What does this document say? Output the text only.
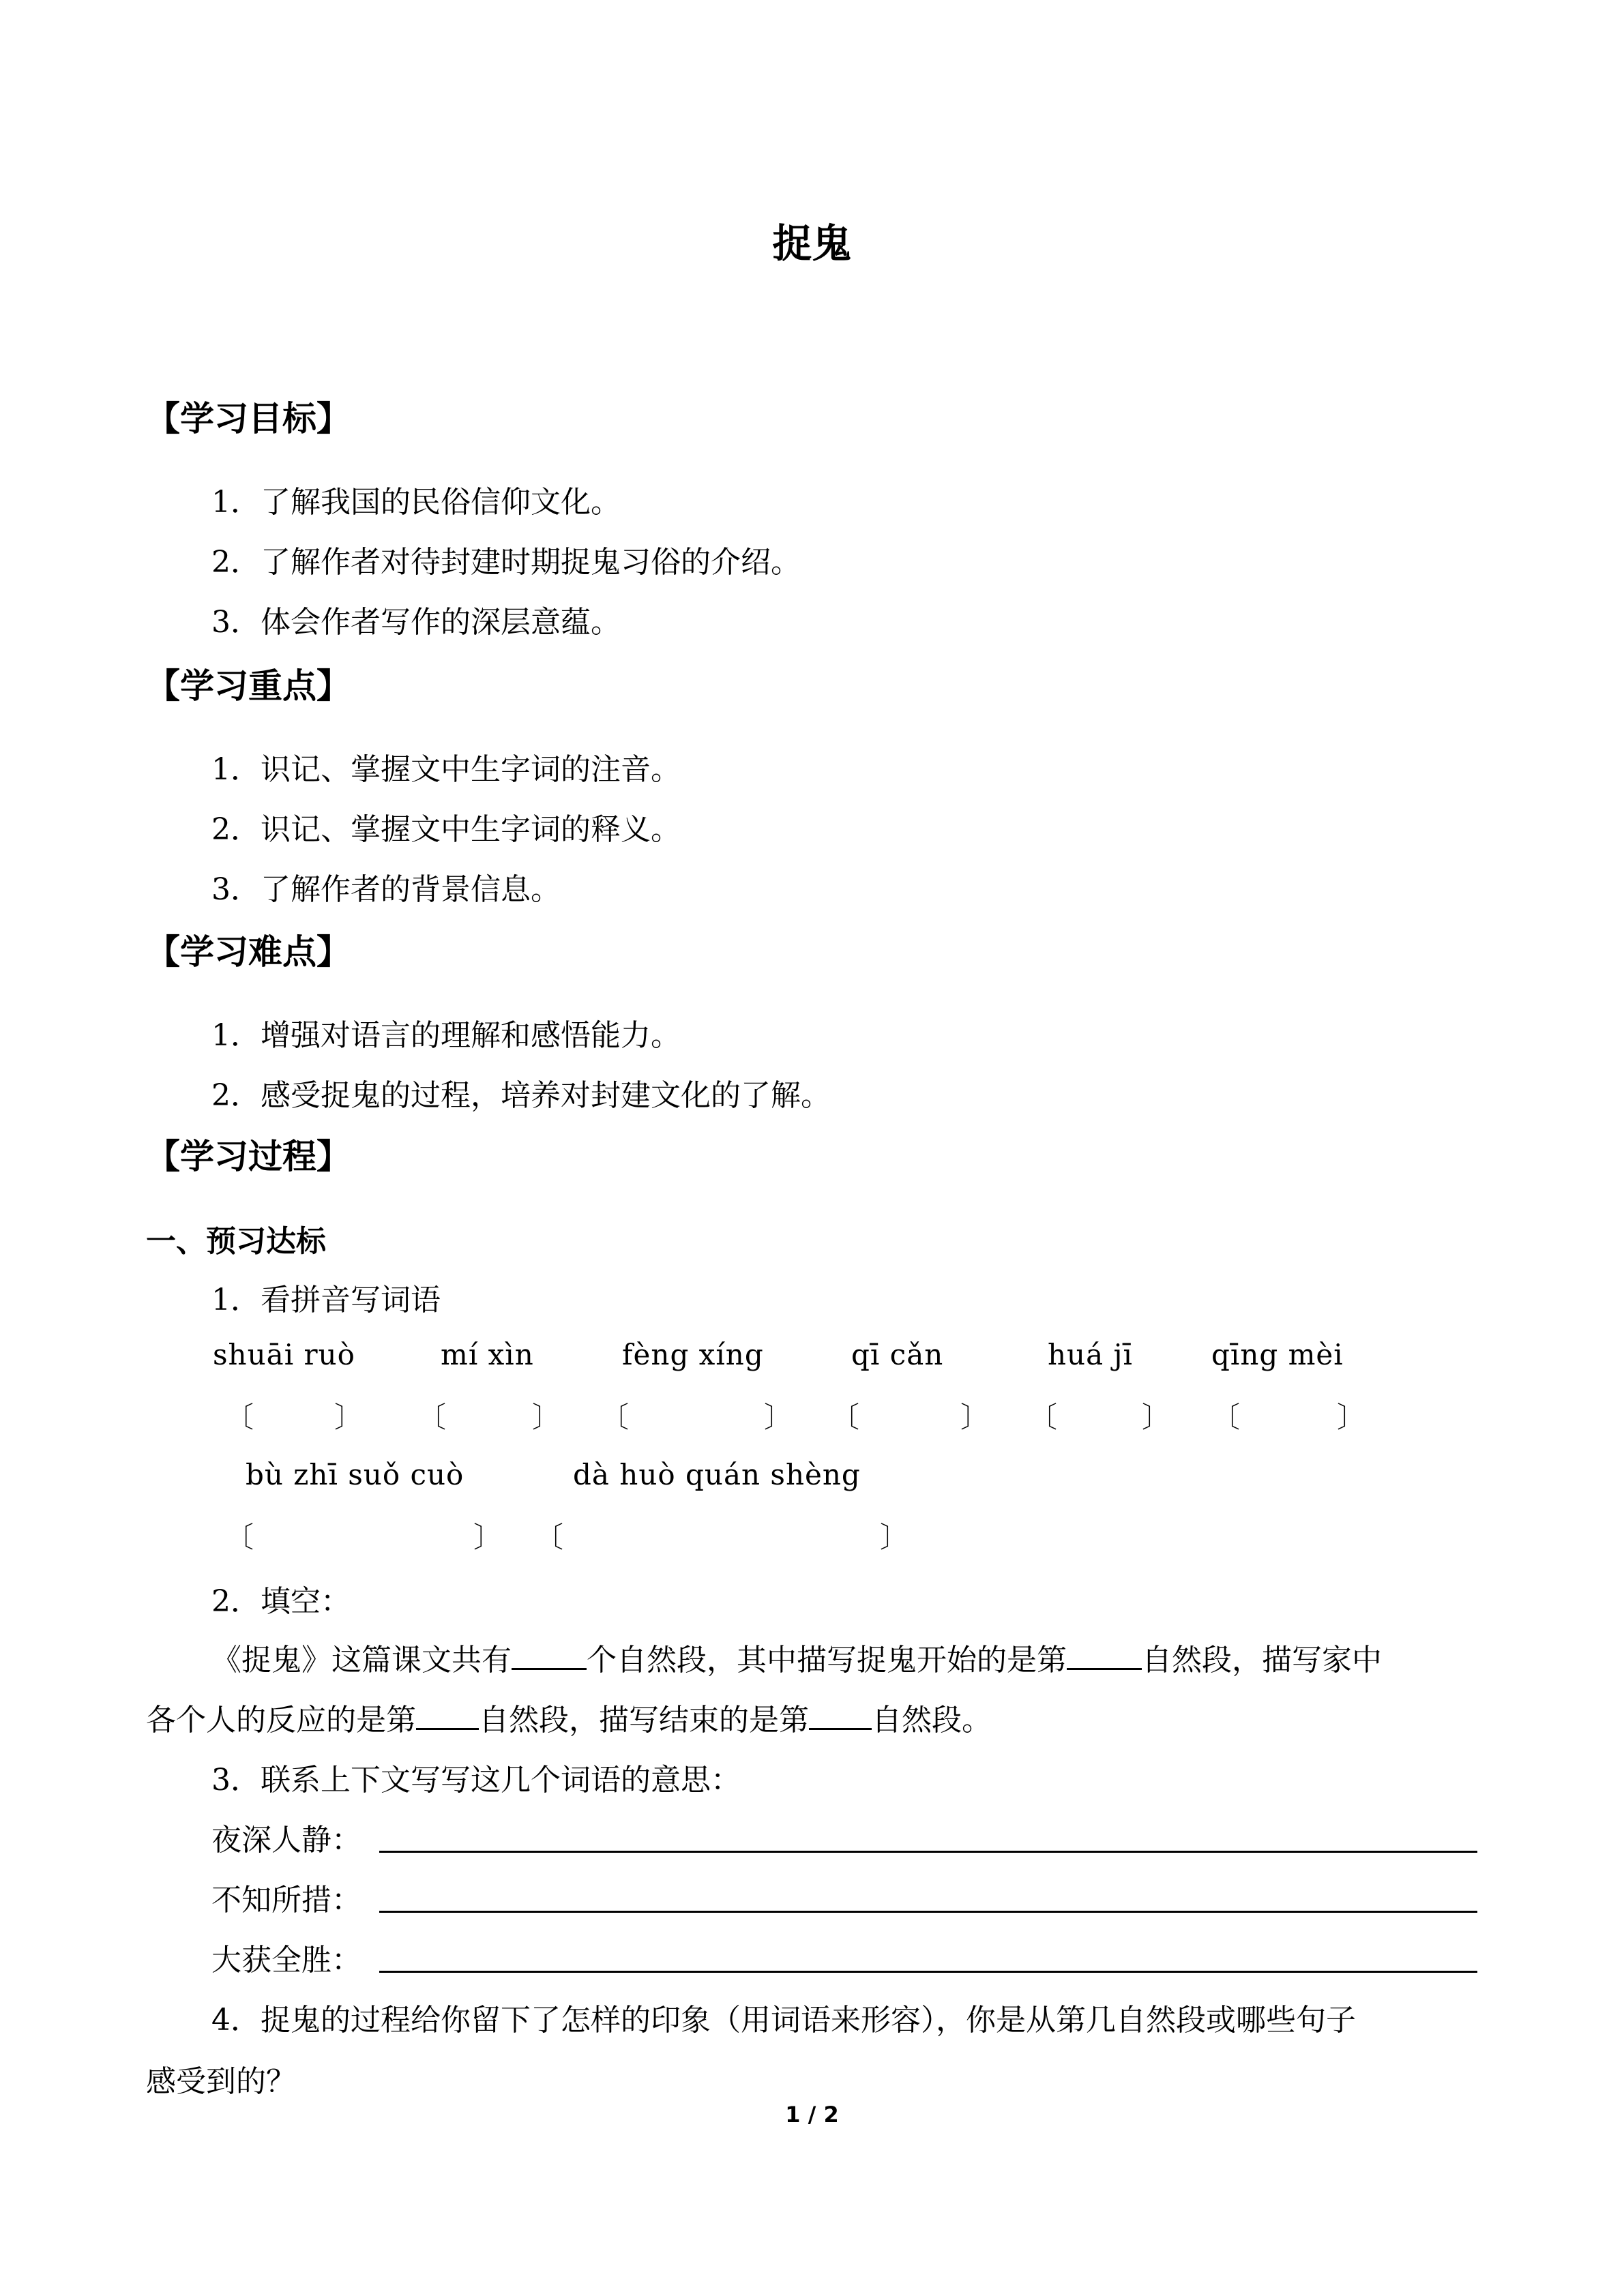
捉鬼
【学习目标】
1．了解我国的民俗信仰文化。
2．了解作者对待封建时期捉鬼习俗的介绍。
3．体会作者写作的深层意蕴。
【学习重点】
1．识记、掌握文中生字词的注音。
2．识记、掌握文中生字词的释义。
3．了解作者的背景信息。
【学习难点】
1．增强对语言的理解和感悟能力。
2．感受捉鬼的过程，培养对封建文化的了解。
【学习过程】
一、预习达标
1．看拼音写词语
shuāi ruò	mí xìn	fèng xíng	qī cǎn	huá jī	qīng mèi
〔	〕 〔	〕 〔	〕 〔	〕 〔	〕 〔	〕
bù zhī suǒ cuò	dà huò quán shèng
〔	〕 〔	〕
2．填空：
《捉鬼》这篇课文共有	个自然段，其中描写捉鬼开始的是第	自然段，描写家中
各个人的反应的是第 自然段，描写结束的是第 自然段。
3．联系上下文写写这几个词语的意思：
夜深人静：
不知所措：
大获全胜：
4．捉鬼的过程给你留下了怎样的印象（用词语来形容），你是从第几自然段或哪些句子
感受到的？
1 / 2
